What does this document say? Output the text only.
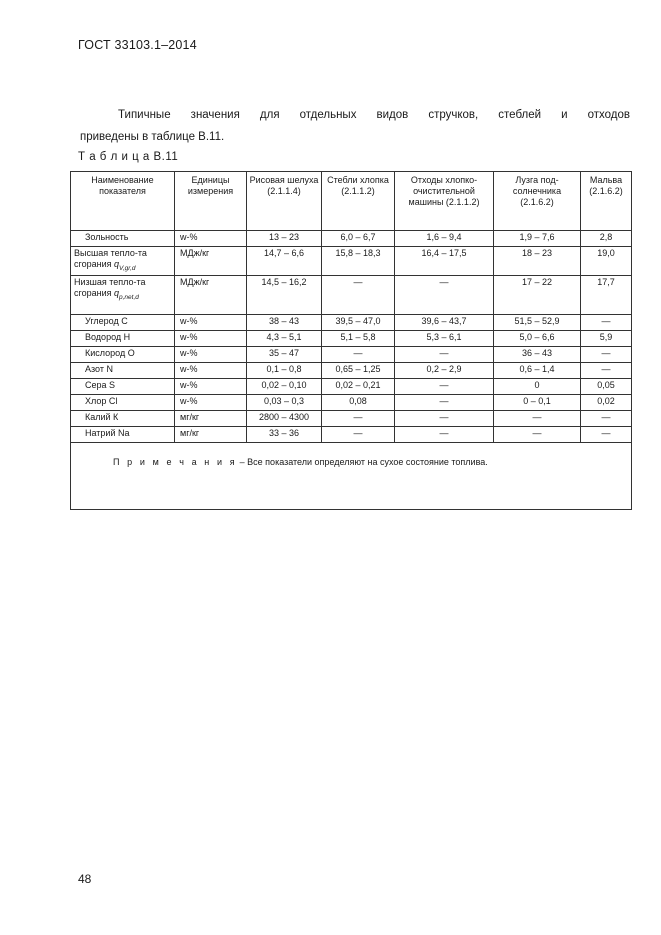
ГОСТ 33103.1–2014
Типичные значения для отдельных видов стручков, стеблей и отходов
приведены в таблице В.11.
Т а б л и ц а В.11
Наименование показателя	Единицы измерения	Рисовая шелуха (2.1.1.4)	Стебли хлопка (2.1.1.2)	Отходы хлопко-очистительной машины (2.1.1.2)	Лузга под-солнечника (2.1.6.2)	Мальва (2.1.6.2)
Зольность	w-%	13 – 23	6,0 – 6,7	1,6 – 9,4	1,9 – 7,6	2,8
Высшая тепло-та сгорания $q_{V,gr,d}$	МДж/кг	14,7 – 6,6	15,8 – 18,3	16,4 – 17,5	18 – 23	19,0
Низшая тепло-та сгорания $q_{p,net,d}$	МДж/кг	14,5 – 16,2	—	—	17 – 22	17,7
Углерод С	w-%	38 – 43	39,5 – 47,0	39,6 – 43,7	51,5 – 52,9	—
Водород Н	w-%	4,3 – 5,1	5,1 – 5,8	5,3 – 6,1	5,0 – 6,6	5,9
Кислород О	w-%	35 – 47	—	—	36 – 43	—
Азот N	w-%	0,1 – 0,8	0,65 – 1,25	0,2 – 2,9	0,6 – 1,4	—
Сера S	w-%	0,02 – 0,10	0,02 – 0,21	—	0	0,05
Хлор Cl	w-%	0,03 – 0,3	0,08	—	0 – 0,1	0,02
Калий К	мг/кг	2800 – 4300	—	—	—	—
Натрий Na	мг/кг	33 – 36	—	—	—	—
П р и м е ч а н и я – Все показатели определяют на сухое состояние топлива.						
48
